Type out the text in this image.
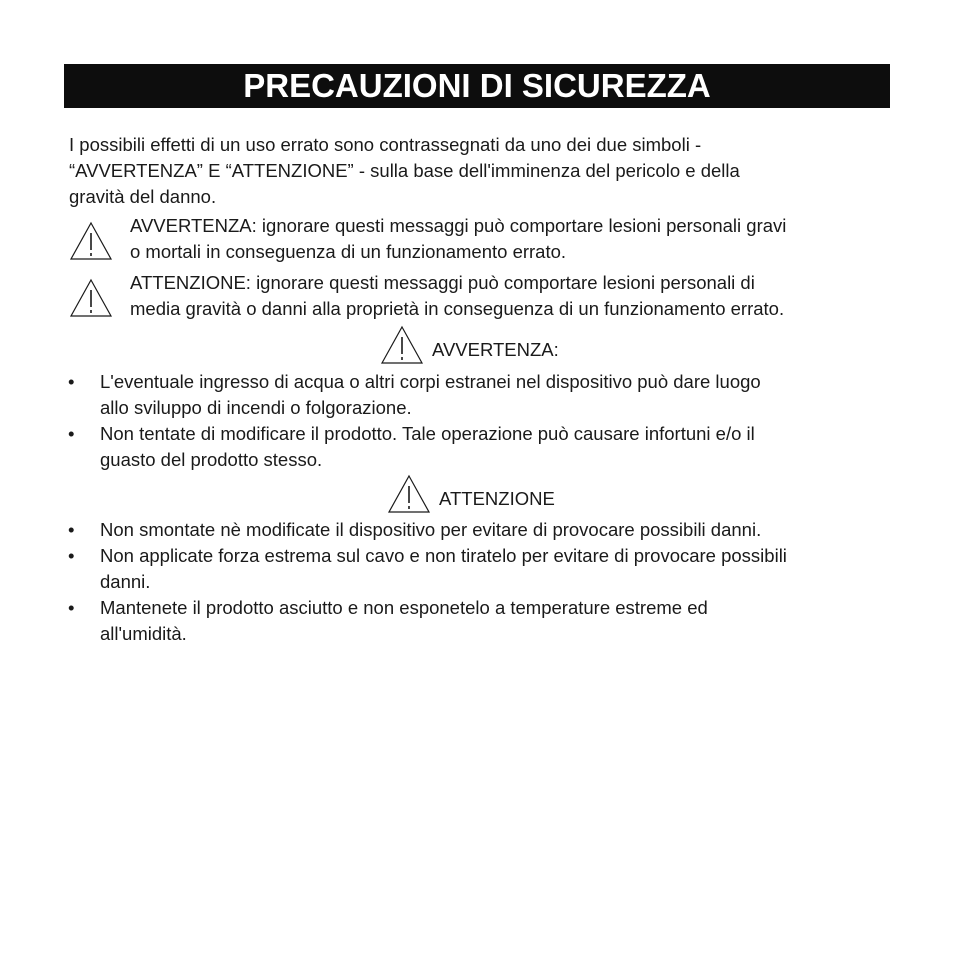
PRECAUZIONI DI SICUREZZA

I possibili effetti di un uso errato sono contrassegnati da uno dei due simboli -

“AVVERTENZA” E “ATTENZIONE” - sulla base dell'imminenza del pericolo e della

gravità del danno.

AVVERTENZA: ignorare questi messaggi può comportare lesioni personali gravi

o mortali in conseguenza di un funzionamento errato.

ATTENZIONE: ignorare questi messaggi può comportare lesioni personali di

media gravità o danni alla proprietà in conseguenza di un funzionamento errato.

AVVERTENZA:
• L'eventuale ingresso di acqua o altri corpi estranei nel dispositivo può dare luogo

allo sviluppo di incendi o folgorazione.

• Non tentate di modificare il prodotto. Tale operazione può causare infortuni e/o il

guasto del prodotto stesso.

ATTENZIONE
• Non smontate nè modificate il dispositivo per evitare di provocare possibili danni.

• Non applicate forza estrema sul cavo e non tiratelo per evitare di provocare possibili

danni.

• Mantenete il prodotto asciutto e non esponetelo a temperature estreme ed

all'umidità.
